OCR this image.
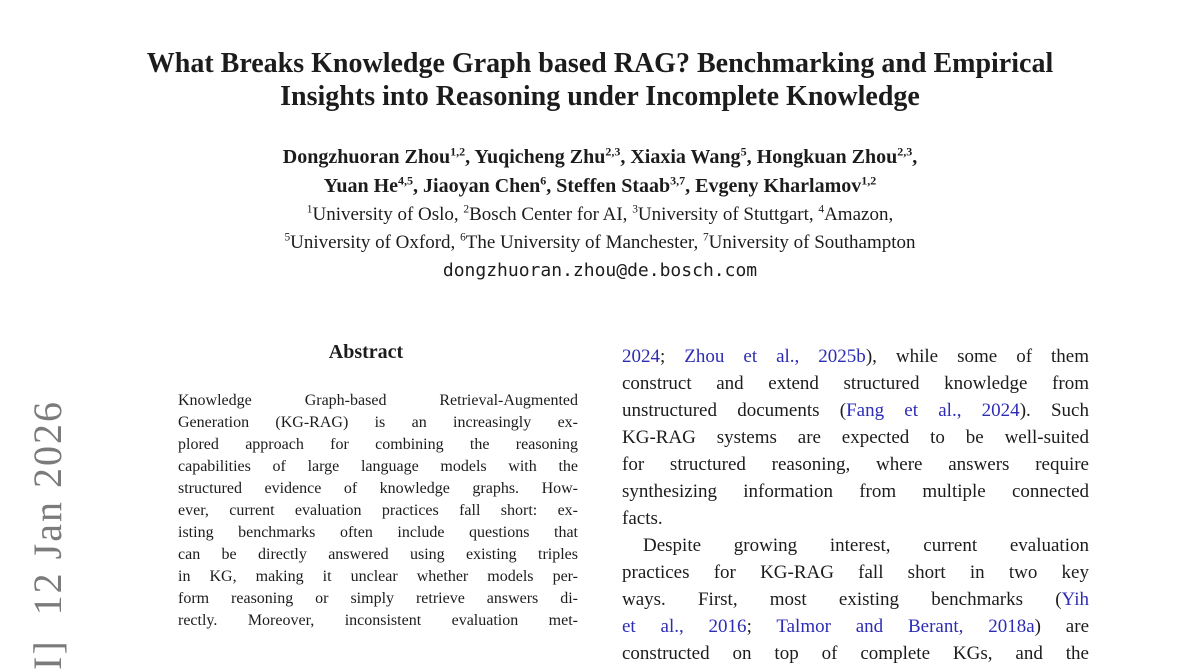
I]  12 Jan 2026
What Breaks Knowledge Graph based RAG? Benchmarking and Empirical
Insights into Reasoning under Incomplete Knowledge
Dongzhuoran Zhou$^{1,2}$, Yuqicheng Zhu$^{2,3}$, Xiaxia Wang$^5$, Hongkuan Zhou$^{2,3}$,
Yuan He$^{4,5}$, Jiaoyan Chen$^6$, Steffen Staab$^{3,7}$, Evgeny Kharlamov$^{1,2}$
$^1$University of Oslo, $^2$Bosch Center for AI, $^3$University of Stuttgart, $^4$Amazon,
$^5$University of Oxford, $^6$The University of Manchester, $^7$University of Southampton
dongzhuoran.zhou@de.bosch.com
Abstract
Knowledge Graph-based Retrieval-Augmented
Generation (KG-RAG) is an increasingly ex-
plored approach for combining the reasoning
capabilities of large language models with the
structured evidence of knowledge graphs. How-
ever, current evaluation practices fall short: ex-
isting benchmarks often include questions that
can be directly answered using existing triples
in KG, making it unclear whether models per-
form reasoning or simply retrieve answers di-
rectly. Moreover, inconsistent evaluation met-
2024; Zhou et al., 2025b), while some of them
construct and extend structured knowledge from
unstructured documents (Fang et al., 2024). Such
KG-RAG systems are expected to be well-suited
for structured reasoning, where answers require
synthesizing information from multiple connected
facts.
Despite growing interest, current evaluation
practices for KG-RAG fall short in two key
ways. First, most existing benchmarks (Yih
et al., 2016; Talmor and Berant, 2018a) are
constructed on top of complete KGs, and the
